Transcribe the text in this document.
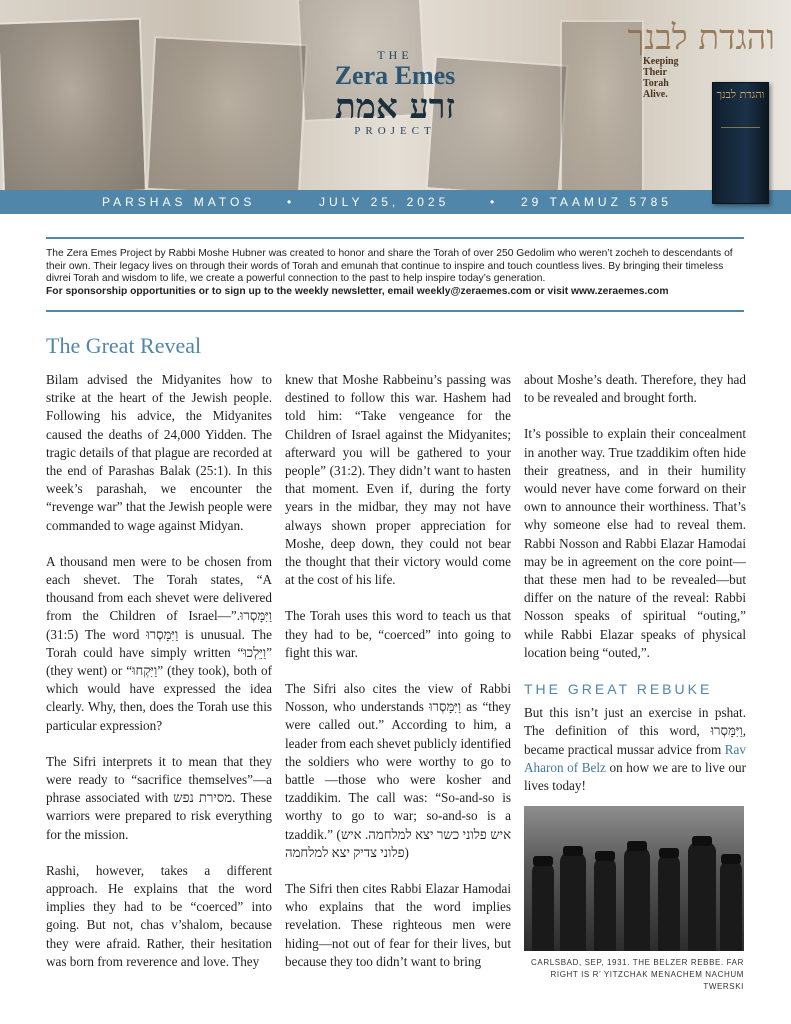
THE
Zera Emes
זרע אמת
PROJECT
והגדת לבנך
Keeping Their Torah Alive.	והגדת לבנך
PARSHAS MATOS	• JULY 25, 2025	• 29 TAAMUZ 5785
The Zera Emes Project by Rabbi Moshe Hubner was created to honor and share the Torah of over 250 Gedolim who weren’t zocheh to descendants of their own. Their legacy lives on through their words of Torah and emunah that continue to inspire and touch countless lives. By bringing their timeless divrei Torah and wisdom to life, we create a powerful connection to the past to help inspire today’s generation.
For sponsorship opportunities or to sign up to the weekly newsletter, email weekly@zeraemes.com or visit www.zeraemes.com
The Great Reveal

Bilam advised the Midyanites how to strike at the heart of the Jewish people. Following his advice, the Midyanites caused the deaths of 24,000 Yidden. The tragic details of that plague are recorded at the end of Parashas Balak (25:1). In this week’s parashah, we encounter the “revenge war” that the Jewish people were commanded to wage against Midyan.

A thousand men were to be chosen from each shevet. The Torah states, “A thousand from each shevet were delivered from the Children of Israel—וַיִּמָּסְרוּ.” (31:5) The word וַיִּמָּסְרוּ is unusual. The Torah could have simply written “וַיֵּלְכוּ” (they went) or “וַיִּקְחוּ” (they took), both of which would have expressed the idea clearly. Why, then, does the Torah use this particular expression?

The Sifri interprets it to mean that they were ready to “sacrifice themselves”—a phrase associated with מסירת נפש. These warriors were prepared to risk everything for the mission.

Rashi, however, takes a different approach. He explains that the word implies they had to be “coerced” into going. But not, chas v’shalom, because they were afraid. Rather, their hesitation was born from reverence and love. They

knew that Moshe Rabbeinu’s passing was destined to follow this war. Hashem had told him: “Take vengeance for the Children of Israel against the Midyanites; afterward you will be gathered to your people” (31:2). They didn’t want to hasten that moment. Even if, during the forty years in the midbar, they may not have always shown proper appreciation for Moshe, deep down, they could not bear the thought that their victory would come at the cost of his life.

The Torah uses this word to teach us that they had to be, “coerced” into going to fight this war.

The Sifri also cites the view of Rabbi Nosson, who understands וַיִּמָּסְרוּ as “they were called out.” According to him, a leader from each shevet publicly identified the soldiers who were worthy to go to battle —those who were kosher and tzaddikim. The call was: “So-and-so is worthy to go to war; so-and-so is a tzaddik.” (איש פלוני כשר יצא למלחמה. איש פלוני צדיק יצא למלחמה)

The Sifri then cites Rabbi Elazar Hamodai who explains that the word implies revelation. These righteous men were hiding—not out of fear for their lives, but because they too didn’t want to bring

about Moshe’s death. Therefore, they had to be revealed and brought forth.

It’s possible to explain their concealment in another way. True tzaddikim often hide their greatness, and in their humility would never have come forward on their own to announce their worthiness. That’s why someone else had to reveal them. Rabbi Nosson and Rabbi Elazar Hamodai may be in agreement on the core point—that these men had to be revealed—but differ on the nature of the reveal: Rabbi Nosson speaks of spiritual “outing,” while Rabbi Elazar speaks of physical location being “outed,”.

THE GREAT REBUKE

But this isn’t just an exercise in pshat. The definition of this word, וַיִּמָּסְרוּ, became practical mussar advice from Rav Aharon of Belz on how we are to live our lives today!

CARLSBAD, SEP, 1931. THE BELZER REBBE. FAR RIGHT IS R’ YITZCHAK MENACHEM NACHUM TWERSKI
